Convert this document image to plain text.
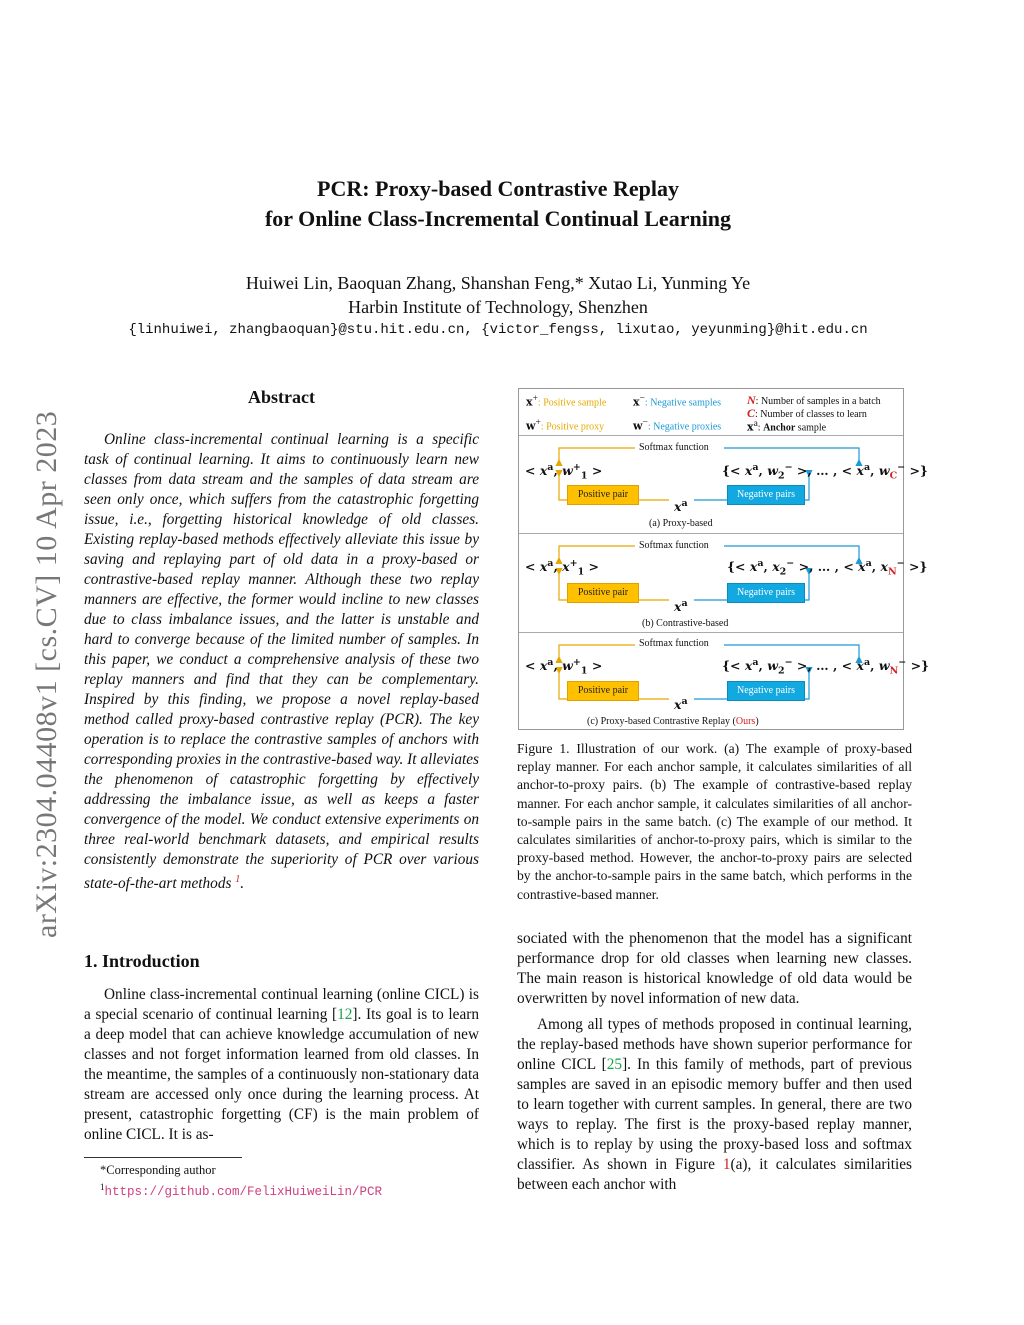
PCR: Proxy-based Contrastive Replay
for Online Class-Incremental Continual Learning
Huiwei Lin, Baoquan Zhang, Shanshan Feng,* Xutao Li, Yunming Ye
Harbin Institute of Technology, Shenzhen
{linhuiwei, zhangbaoquan}@stu.hit.edu.cn, {victor_fengss, lixutao, yeyunming}@hit.edu.cn
arXiv:2304.04408v1 [cs.CV] 10 Apr 2023
Abstract

Online class-incremental continual learning is a specific task of continual learning. It aims to continuously learn new classes from data stream and the samples of data stream are seen only once, which suffers from the catastrophic forgetting issue, i.e., forgetting historical knowledge of old classes. Existing replay-based methods effectively alleviate this issue by saving and replaying part of old data in a proxy-based or contrastive-based replay manner. Although these two replay manners are effective, the former would incline to new classes due to class imbalance issues, and the latter is unstable and hard to converge because of the limited number of samples. In this paper, we conduct a comprehensive analysis of these two replay manners and find that they can be complementary. Inspired by this finding, we propose a novel replay-based method called proxy-based contrastive replay (PCR). The key operation is to replace the contrastive samples of anchors with corresponding proxies in the contrastive-based way. It alleviates the phenomenon of catastrophic forgetting by effectively addressing the imbalance issue, as well as keeps a faster convergence of the model. We conduct extensive experiments on three real-world benchmark datasets, and empirical results consistently demonstrate the superiority of PCR over various state-of-the-art methods $^1$.

1. Introduction

Online class-incremental continual learning (online CICL) is a special scenario of continual learning [12]. Its goal is to learn a deep model that can achieve knowledge accumulation of new classes and not forget information learned from old classes. In the meantime, the samples of a continuously non-stationary data stream are accessed only once during the learning process. At present, catastrophic forgetting (CF) is the main problem of online CICL. It is as-

*Corresponding author
$^1$https://github.com/FelixHuiweiLin/PCR
x+: Positive sample x−: Negative samples N: Number of samples in a batch
C: Number of classes to learn
w+: Positive proxy	w−: Negative proxies $x^a$: Anchor sample
Softmax function
< $x^a$, $w^+_1$ >	{< $x^a$, $w_2^-$ >, … , < $x^a$, $w_C^-$ >}
Positive pair	Negative pairs
$x^a$
(a) Proxy-based
Softmax function
< $x^a$, $x^+_1$ >	{< $x^a$, $x_2^-$ >, … , < $x^a$, $x_N^-$ >}
Positive pair	Negative pairs
$x^a$
(b) Contrastive-based
Softmax function
< $x^a$, $w^+_1$ >	{< $x^a$, $w_2^-$ >, … , < $x^a$, $w_N^-$ >}
Positive pair	Negative pairs
$x^a$
(c) Proxy-based Contrastive Replay (Ours)
Figure 1. Illustration of our work. (a) The example of proxy-based replay manner. For each anchor sample, it calculates similarities of all anchor-to-proxy pairs. (b) The example of contrastive-based replay manner. For each anchor sample, it calculates similarities of all anchor-to-sample pairs in the same batch. (c) The example of our method. It calculates similarities of anchor-to-proxy pairs, which is similar to the proxy-based method. However, the anchor-to-proxy pairs are selected by the anchor-to-sample pairs in the same batch, which performs in the contrastive-based manner.

sociated with the phenomenon that the model has a significant performance drop for old classes when learning new classes. The main reason is historical knowledge of old data would be overwritten by novel information of new data.

Among all types of methods proposed in continual learning, the replay-based methods have shown superior performance for online CICL [25]. In this family of methods, part of previous samples are saved in an episodic memory buffer and then used to learn together with current samples. In general, there are two ways to replay. The first is the proxy-based replay manner, which is to replay by using the proxy-based loss and softmax classifier. As shown in Figure 1(a), it calculates similarities between each anchor with
